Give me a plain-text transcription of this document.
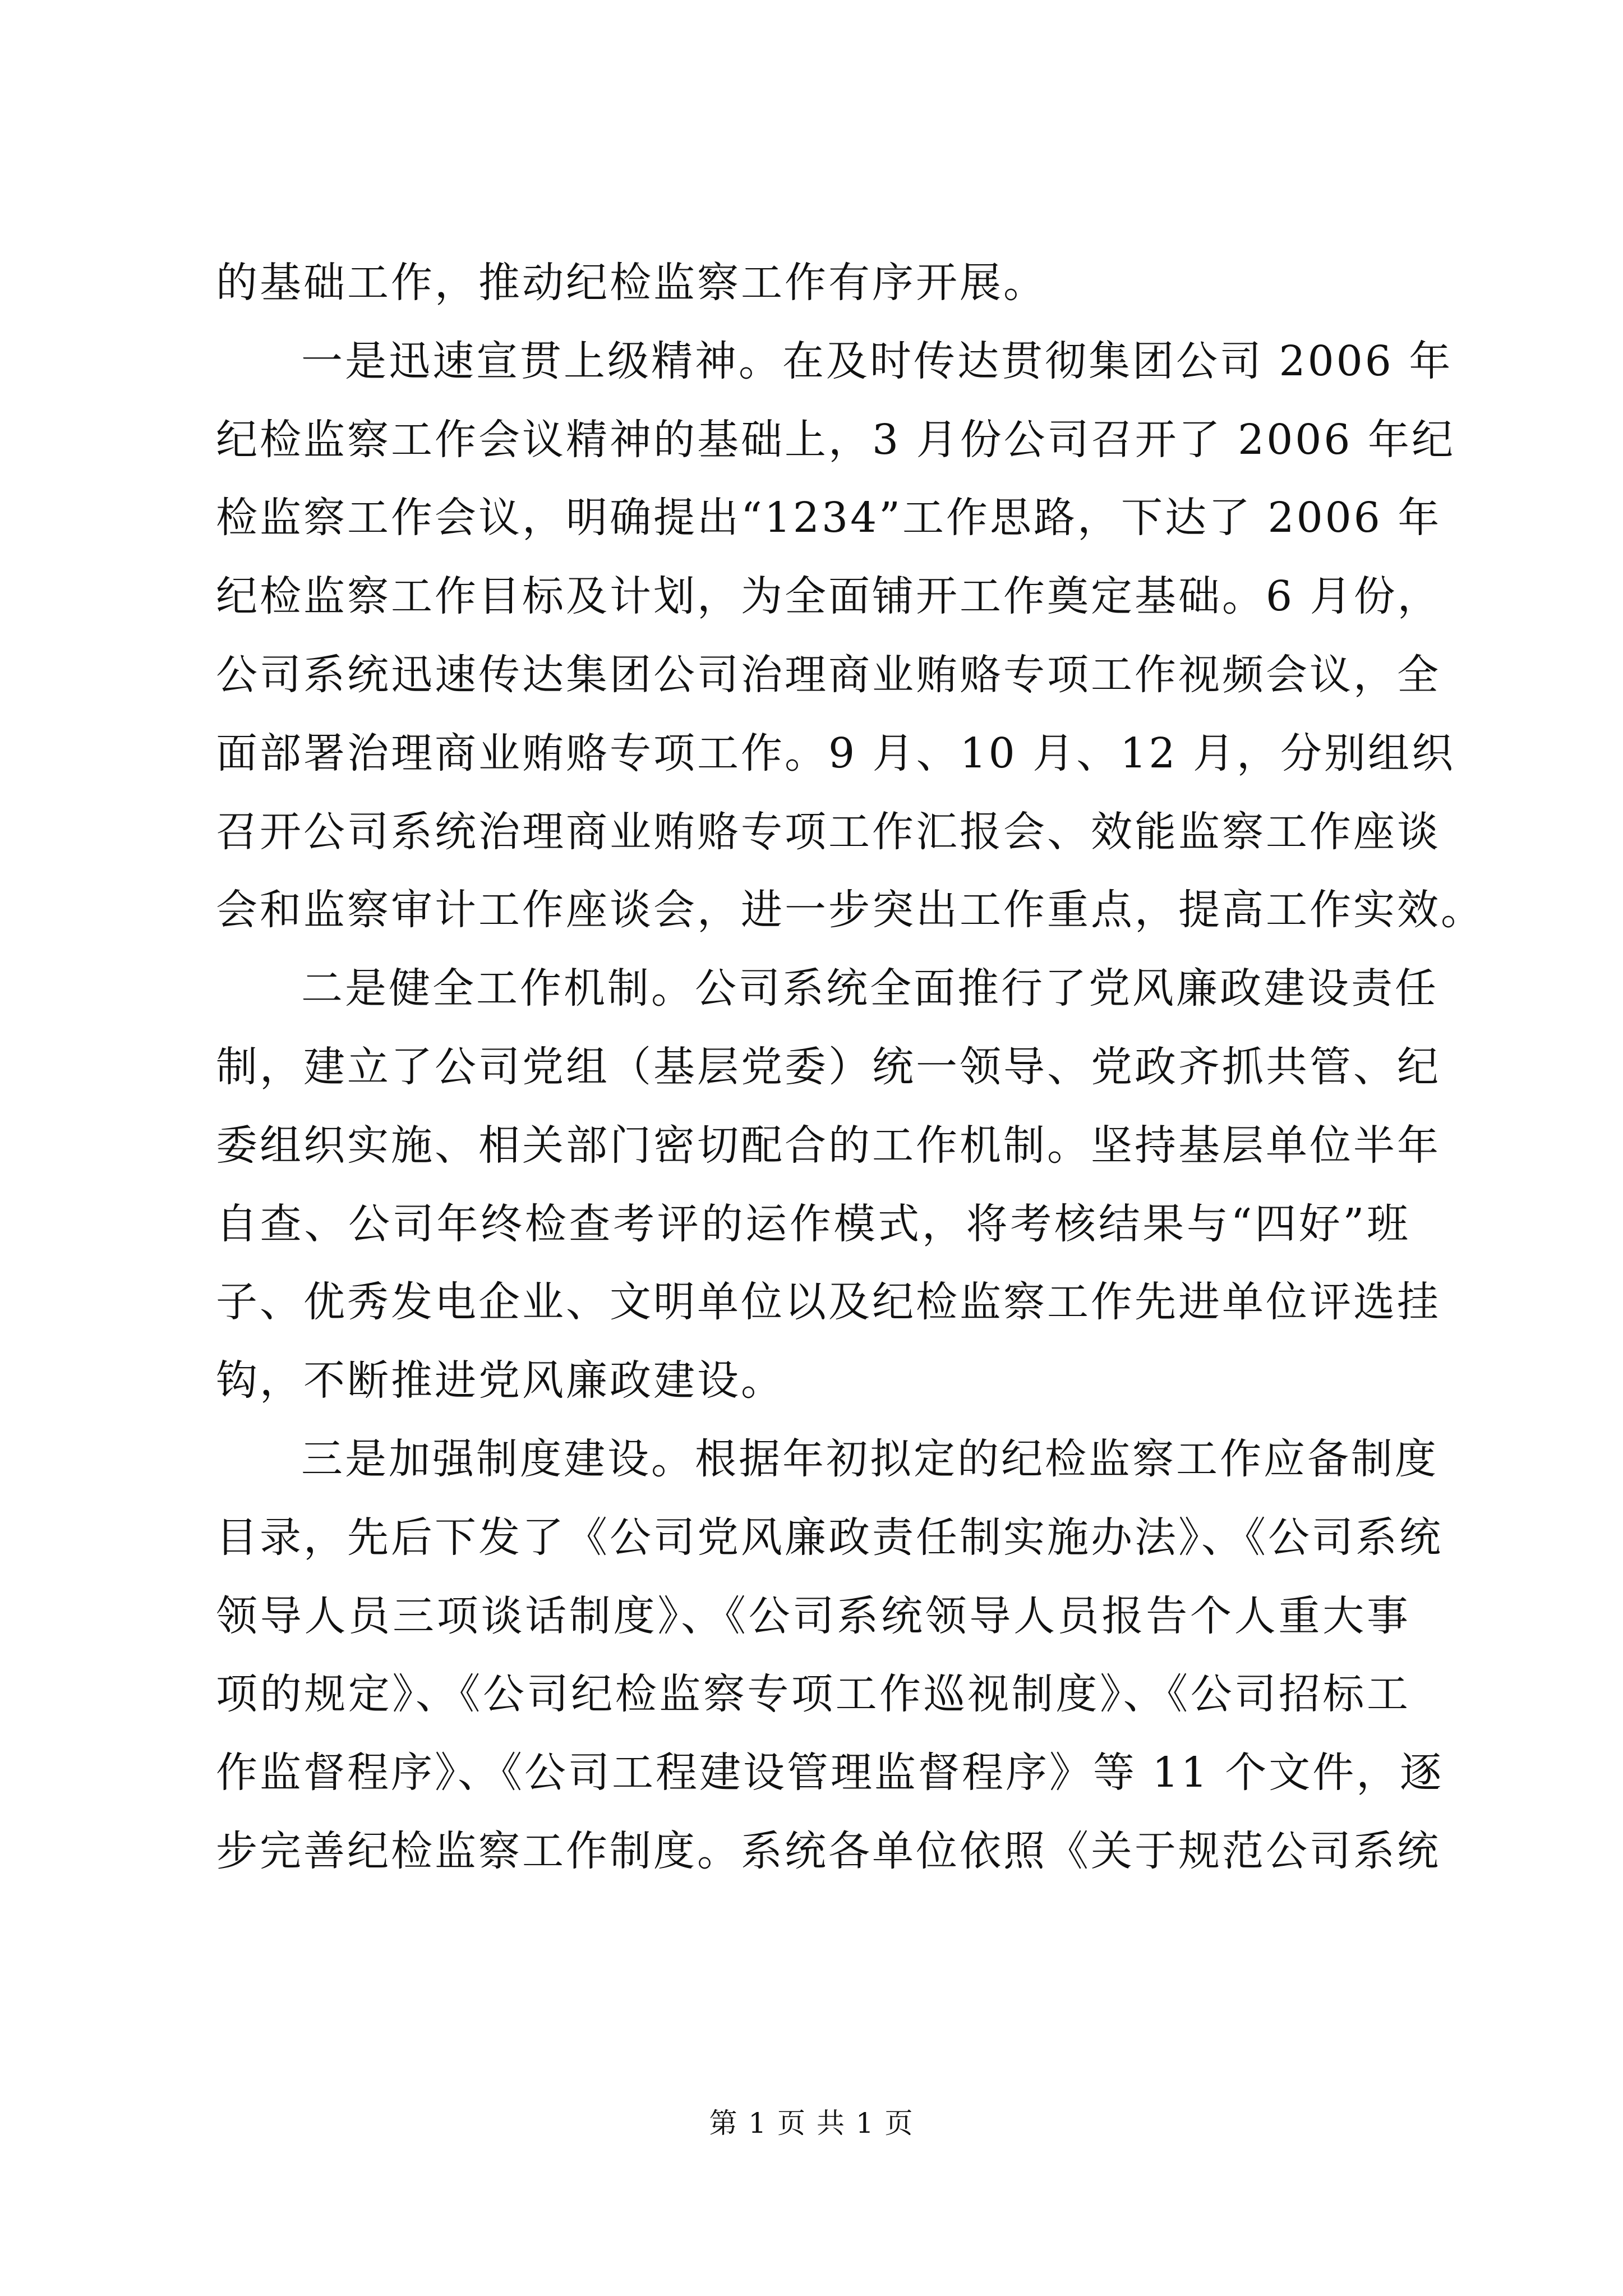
的基础工作，推动纪检监察工作有序开展。
一是迅速宣贯上级精神。在及时传达贯彻集团公司 2006 年
纪检监察工作会议精神的基础上，3 月份公司召开了 2006 年纪
检监察工作会议，明确提出“1234”工作思路，下达了 2006 年
纪检监察工作目标及计划，为全面铺开工作奠定基础。6 月份，
公司系统迅速传达集团公司治理商业贿赂专项工作视频会议，全
面部署治理商业贿赂专项工作。9 月、10 月、12 月，分别组织
召开公司系统治理商业贿赂专项工作汇报会、效能监察工作座谈
会和监察审计工作座谈会，进一步突出工作重点，提高工作实效。
二是健全工作机制。公司系统全面推行了党风廉政建设责任
制，建立了公司党组（基层党委）统一领导、党政齐抓共管、纪
委组织实施、相关部门密切配合的工作机制。坚持基层单位半年
自查、公司年终检查考评的运作模式，将考核结果与“四好”班
子、优秀发电企业、文明单位以及纪检监察工作先进单位评选挂
钩，不断推进党风廉政建设。
三是加强制度建设。根据年初拟定的纪检监察工作应备制度
目录，先后下发了《公司党风廉政责任制实施办法》、《公司系统
领导人员三项谈话制度》、《公司系统领导人员报告个人重大事
项的规定》、《公司纪检监察专项工作巡视制度》、《公司招标工
作监督程序》、《公司工程建设管理监督程序》等 11 个文件，逐
步完善纪检监察工作制度。系统各单位依照《关于规范公司系统
第 1 页 共 1 页
